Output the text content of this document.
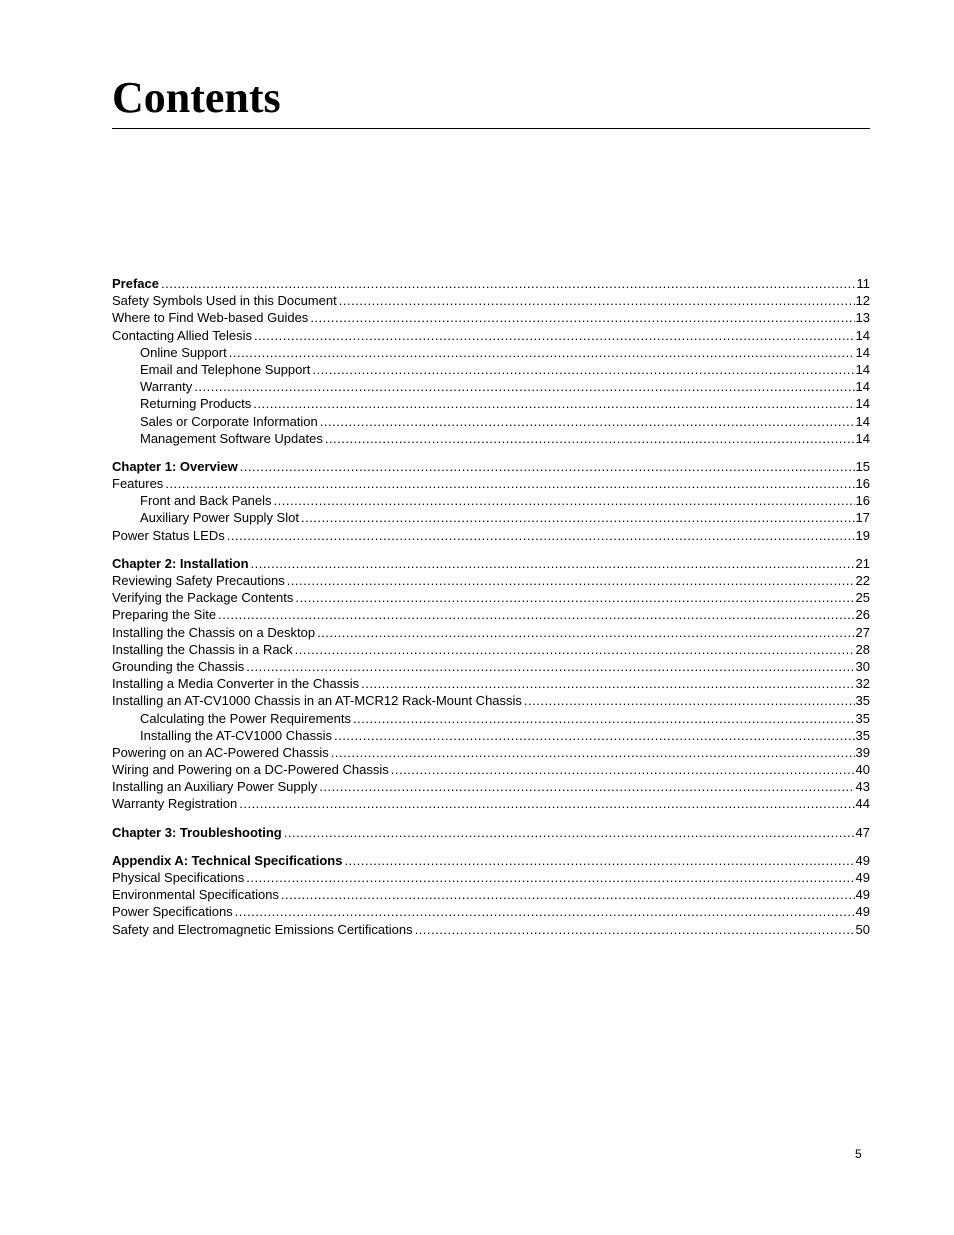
Contents
Preface .....	11
Safety Symbols Used in this Document .....	12
Where to Find Web-based Guides .....	13
Contacting Allied Telesis .....	14
Online Support .....	14
Email and Telephone Support .....	14
Warranty .....	14
Returning Products .....	14
Sales or Corporate Information .....	14
Management Software Updates .....	14
Chapter 1: Overview .....	15
Features .....	16
Front and Back Panels .....	16
Auxiliary Power Supply Slot .....	17
Power Status LEDs .....	19
Chapter 2: Installation .....	21
Reviewing Safety Precautions .....	22
Verifying the Package Contents .....	25
Preparing the Site .....	26
Installing the Chassis on a Desktop .....	27
Installing the Chassis in a Rack .....	28
Grounding the Chassis .....	30
Installing a Media Converter in the Chassis .....	32
Installing an AT-CV1000 Chassis in an AT-MCR12 Rack-Mount Chassis .....	35
Calculating the Power Requirements .....	35
Installing the AT-CV1000 Chassis .....	35
Powering on an AC-Powered Chassis .....	39
Wiring and Powering on a DC-Powered Chassis .....	40
Installing an Auxiliary Power Supply .....	43
Warranty Registration .....	44
Chapter 3: Troubleshooting .....	47
Appendix A: Technical Specifications .....	49
Physical Specifications .....	49
Environmental Specifications .....	49
Power Specifications .....	49
Safety and Electromagnetic Emissions Certifications .....	50
5
